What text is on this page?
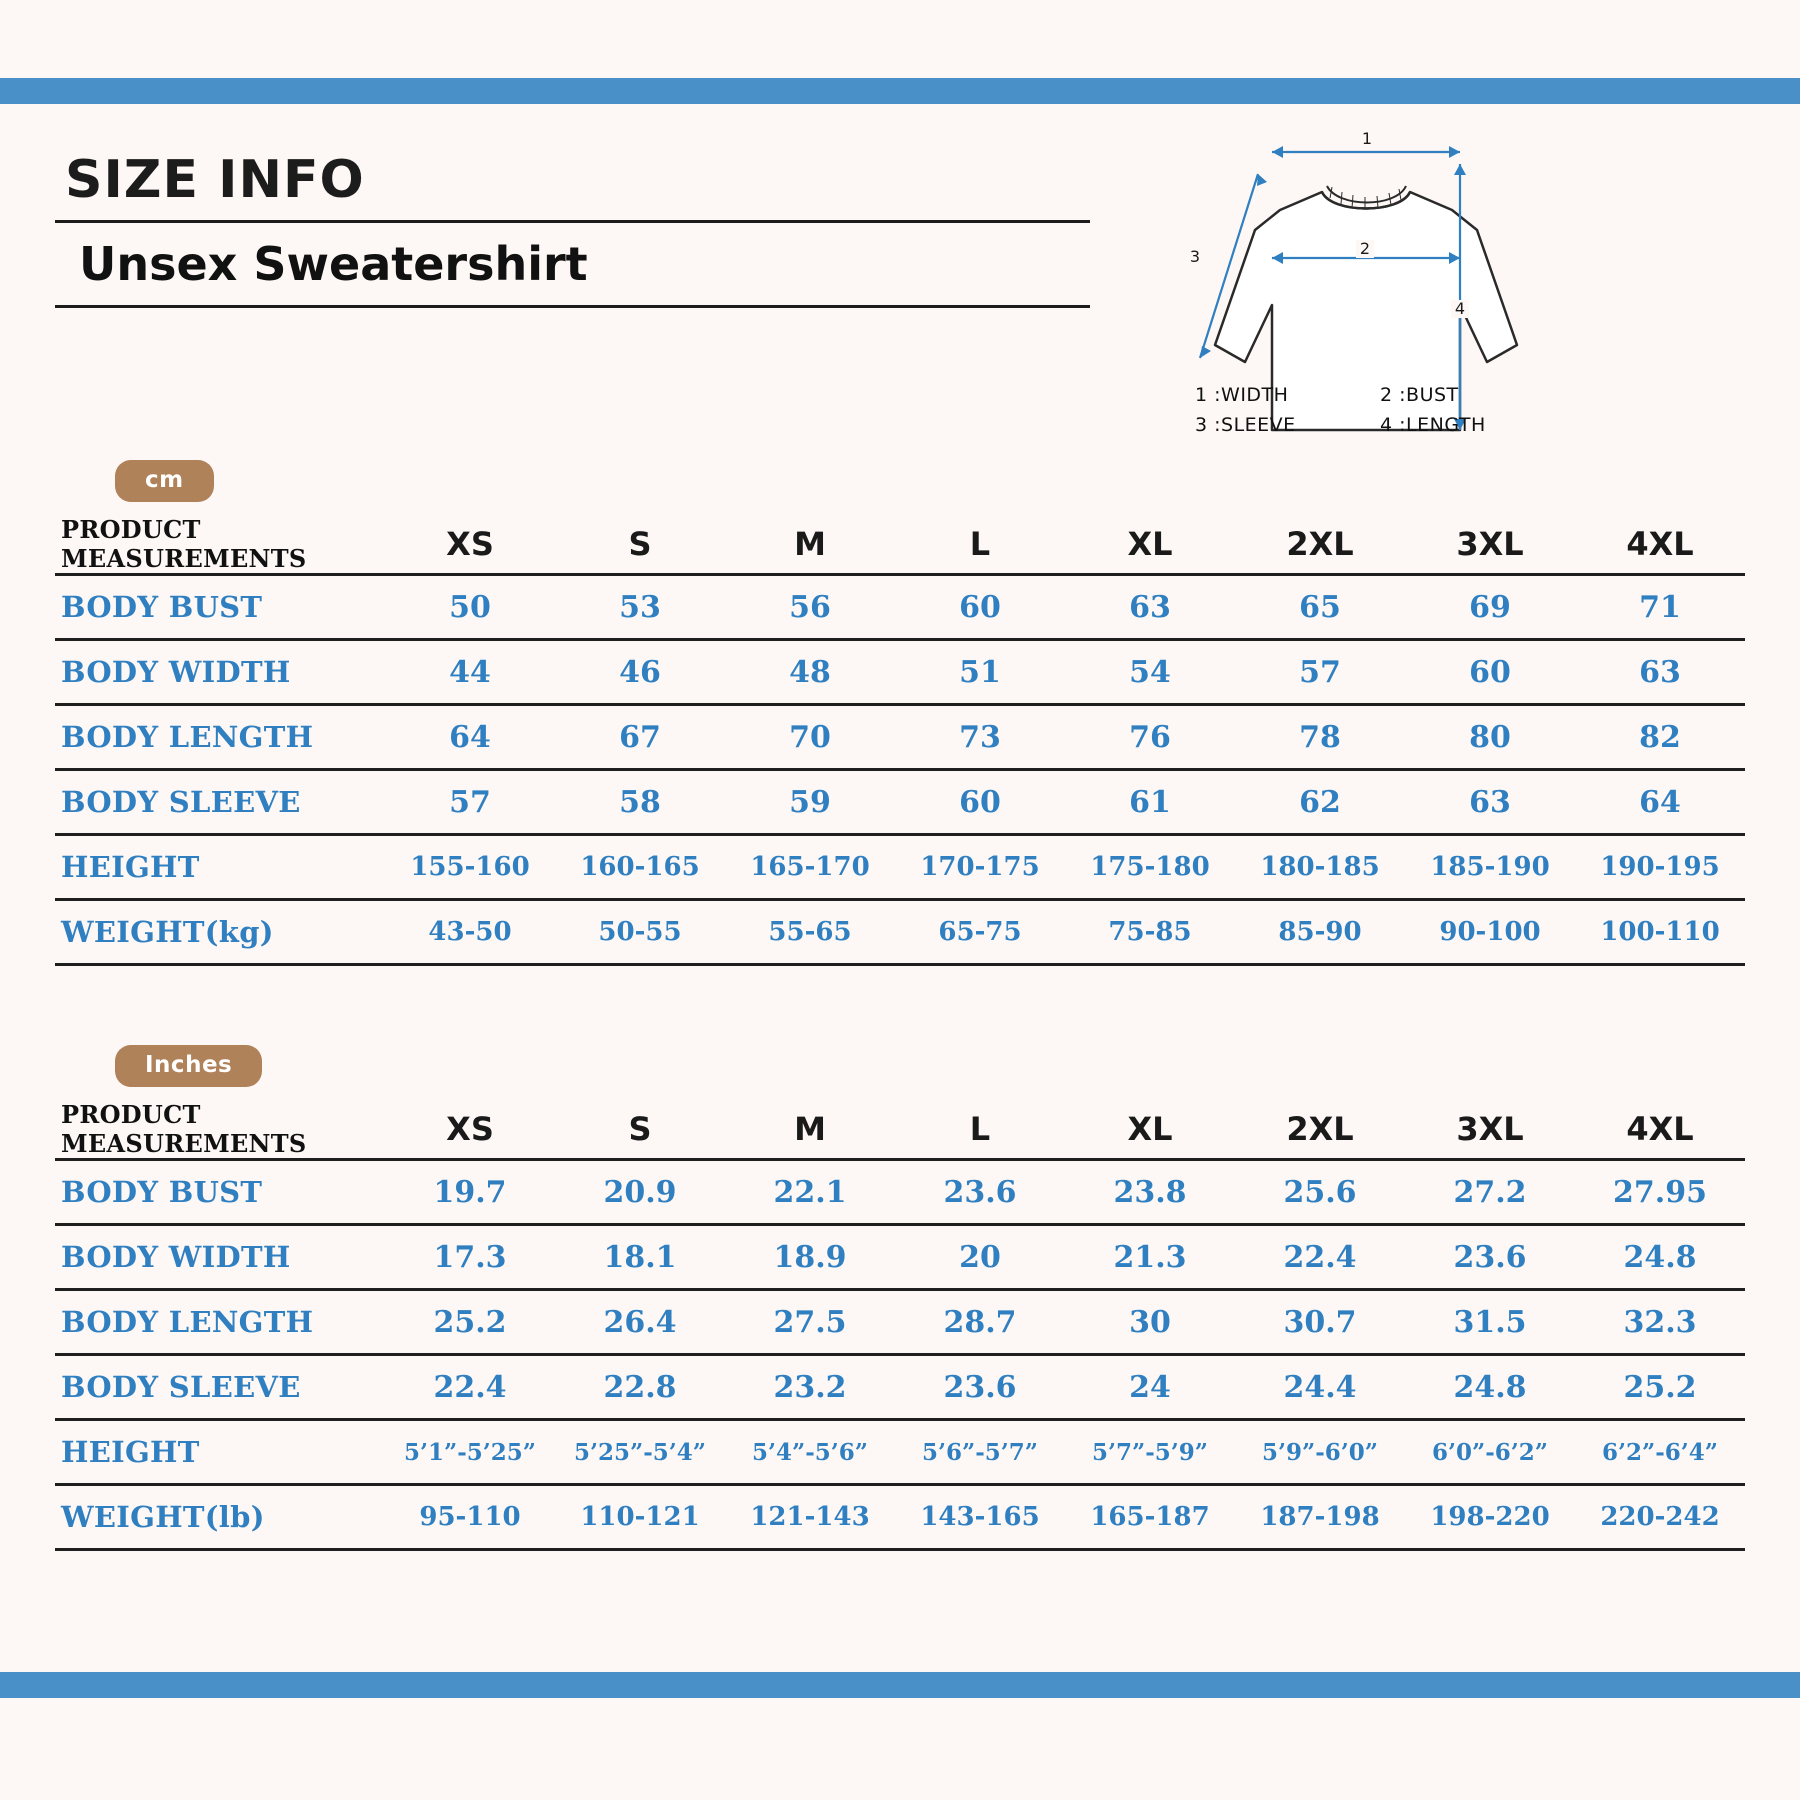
SIZE INFO
Unsex Sweatershirt
1
2
3
4
1 :WIDTH	2 :BUST
3 :SLEEVE	4 :LENGTH
cm
PRODUCT MEASUREMENTS	XS	S	M	L	XL	2XL	3XL	4XL
BODY BUST	50	53	56	60	63	65	69	71
BODY WIDTH	44	46	48	51	54	57	60	63
BODY LENGTH	64	67	70	73	76	78	80	82
BODY SLEEVE	57	58	59	60	61	62	63	64
HEIGHT	155-160	160-165	165-170	170-175	175-180	180-185	185-190	190-195
WEIGHT(kg)	43-50	50-55	55-65	65-75	75-85	85-90	90-100	100-110
Inches
PRODUCT MEASUREMENTS	XS	S	M	L	XL	2XL	3XL	4XL
BODY BUST	19.7	20.9	22.1	23.6	23.8	25.6	27.2	27.95
BODY WIDTH	17.3	18.1	18.9	20	21.3	22.4	23.6	24.8
BODY LENGTH	25.2	26.4	27.5	28.7	30	30.7	31.5	32.3
BODY SLEEVE	22.4	22.8	23.2	23.6	24	24.4	24.8	25.2
HEIGHT	5’1”-5’25”	5’25”-5’4”	5’4”-5’6”	5’6”-5’7”	5’7”-5’9”	5’9”-6’0”	6’0”-6’2”	6’2”-6’4”
WEIGHT(lb)	95-110	110-121	121-143	143-165	165-187	187-198	198-220	220-242
